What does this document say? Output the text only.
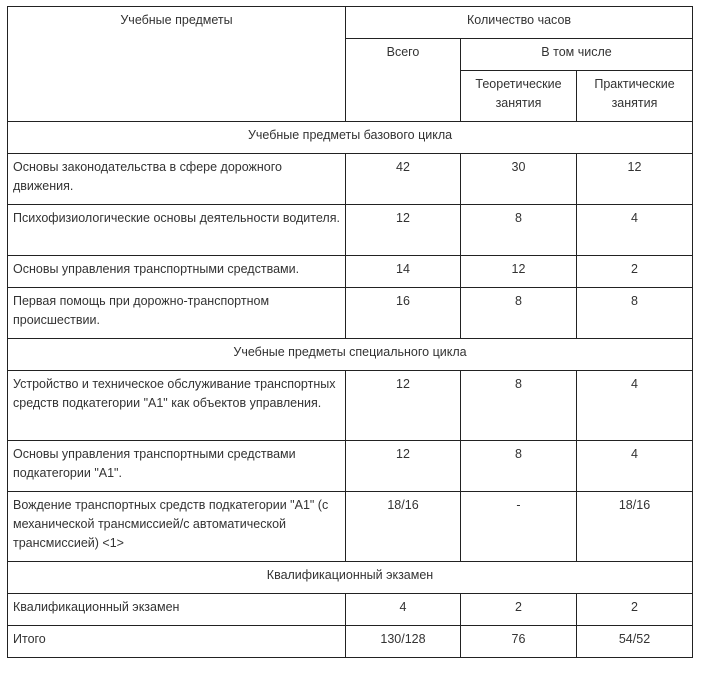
Учебные предметы	Количество часов		
	Всего	В том числе	
		Теоретические занятия	Практические занятия
Учебные предметы базового цикла			
Основы законодательства в сфере дорожного движения.	42	30	12
Психофизиологические основы деятельности водителя.	12	8	4
Основы управления транспортными средствами.	14	12	2
Первая помощь при дорожно-транспортном происшествии.	16	8	8
Учебные предметы специального цикла			
Устройство и техническое обслуживание транспортных средств подкатегории "A1" как объектов управления.	12	8	4
Основы управления транспортными средствами подкатегории "A1".	12	8	4
Вождение транспортных средств подкатегории "A1" (с механической трансмиссией/с автоматической трансмиссией) <1>	18/16	-	18/16
Квалификационный экзамен			
Квалификационный экзамен	4	2	2
Итого	130/128	76	54/52
